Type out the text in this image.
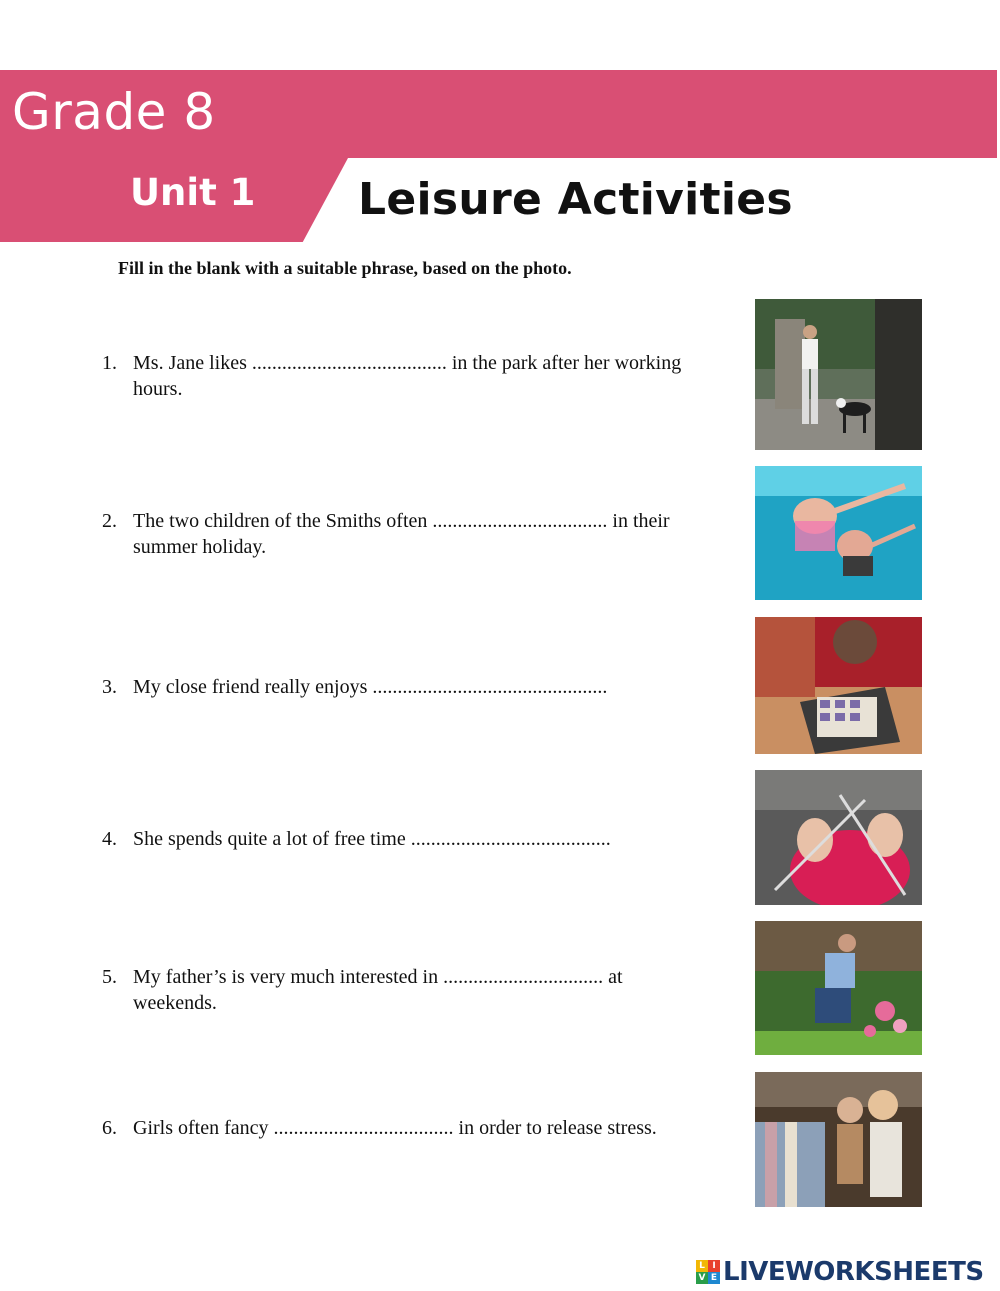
Grade 8
Unit 1 Leisure Activities
Fill in the blank with a suitable phrase, based on the photo.
1. Ms. Jane likes ....................................... in the park after her working hours.
2. The two children of the Smiths often ................................... in their summer holiday.
3. My close friend really enjoys ...............................................
4. She spends quite a lot of free time ........................................
5. My father’s is very much interested in ................................ at weekends.
6. Girls often fancy .................................... in order to release stress.
L I
V E LIVEWORKSHEETS
